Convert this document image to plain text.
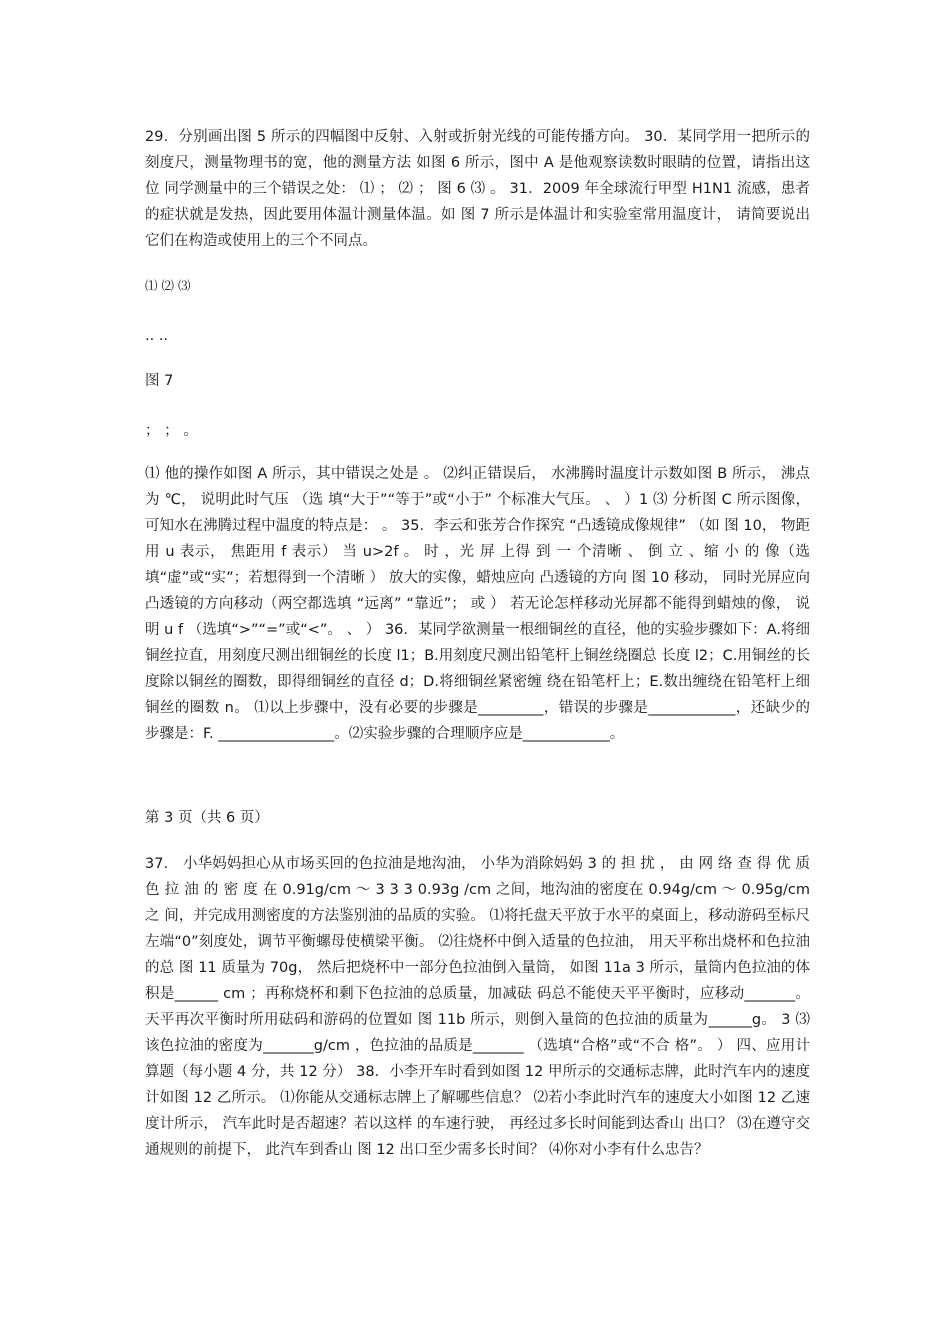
29．分别画出图 5 所示的四幅图中反射、入射或折射光线的可能传播方向。 30．某同学用一把所示的刻度尺，测量物理书的宽，他的测量方法 如图 6 所示，图中 A 是他观察读数时眼睛的位置，请指出这位 同学测量中的三个错误之处： ⑴ ； ⑵ ； 图 6 ⑶ 。 31．2009 年全球流行甲型 H1N1 流感，患者的症状就是发热，因此要用体温计测量体温。如 图 7 所示是体温计和实验室常用温度计， 请简要说出它们在构造或使用上的三个不同点。

⑴ ⑵ ⑶

.. ..

图 7

； ； 。

⑴ 他的操作如图 A 所示，其中错误之处是 。 ⑵纠正错误后， 水沸腾时温度计示数如图 B 所示， 沸点为 ℃， 说明此时气压 （选 填“大于”“等于”或“小于” 个标准大气压。 、 ）1 ⑶ 分析图 C 所示图像，可知水在沸腾过程中温度的特点是： 。 35．李云和张芳合作探究 “凸透镜成像规律” （如 图 10， 物距用 u 表示， 焦距用 f 表示） 当 u>2f 。 时 ，光 屏 上得 到 一 个清晰 、 倒 立 、缩 小 的 像（选填“虚”或“实”；若想得到一个清晰 ） 放大的实像，蜡烛应向 凸透镜的方向 图 10 移动， 同时光屏应向 凸透镜的方向移动（两空都选填 “远离” “靠近”； 或 ） 若无论怎样移动光屏都不能得到蜡烛的像， 说明 u f （选填“>”“=”或“<”。 、 ） 36．某同学欲测量一根细铜丝的直径，他的实验步骤如下：A.将细铜丝拉直，用刻度尺测出细铜丝的长度 l1；B.用刻度尺测出铅笔杆上铜丝绕圈总 长度 l2；C.用铜丝的长度除以铜丝的圈数，即得细铜丝的直径 d；D.将细铜丝紧密缠 绕在铅笔杆上；E.数出缠绕在铅笔杆上细铜丝的圈数 n。 ⑴以上步骤中，没有必要的步骤是_________，错误的步骤是____________，还缺少的 步骤是：F. ________________。⑵实验步骤的合理顺序应是____________。

第 3 页（共 6 页）

37． 小华妈妈担心从市场买回的色拉油是地沟油， 小华为消除妈妈 3 的 担 扰 ， 由 网 络 查 得 优 质 色 拉 油 的 密 度 在 0.91g/cm ～ 3 3 3 0.93g /cm 之间，地沟油的密度在 0.94g/cm ～ 0.95g/cm 之 间，并完成用测密度的方法鉴别油的品质的实验。 ⑴将托盘天平放于水平的桌面上，移动游码至标尺左端“0”刻度处，调节平衡螺母使横梁平衡。 ⑵往烧杯中倒入适量的色拉油， 用天平称出烧杯和色拉油的总 图 11 质量为 70g， 然后把烧杯中一部分色拉油倒入量筒， 如图 11a 3 所示，量筒内色拉油的体积是______ cm ；再称烧杯和剩下色拉油的总质量，加减砝 码总不能使天平平衡时，应移动_______。天平再次平衡时所用砝码和游码的位置如 图 11b 所示，则倒入量筒的色拉油的质量为______g。 3 ⑶ 该色拉油的密度为_______g/cm ，色拉油的品质是_______ （选填“合格”或“不合 格”。 ） 四、应用计算题（每小题 4 分，共 12 分） 38．小李开车时看到如图 12 甲所示的交通标志牌，此时汽车内的速度计如图 12 乙所示。 ⑴你能从交通标志牌上了解哪些信息？ ⑵若小李此时汽车的速度大小如图 12 乙速 度计所示， 汽车此时是否超速？若以这样 的车速行驶， 再经过多长时间能到达香山 出口？ ⑶在遵守交通规则的前提下， 此汽车到香山 图 12 出口至少需多长时间？ ⑷你对小李有什么忠告？
